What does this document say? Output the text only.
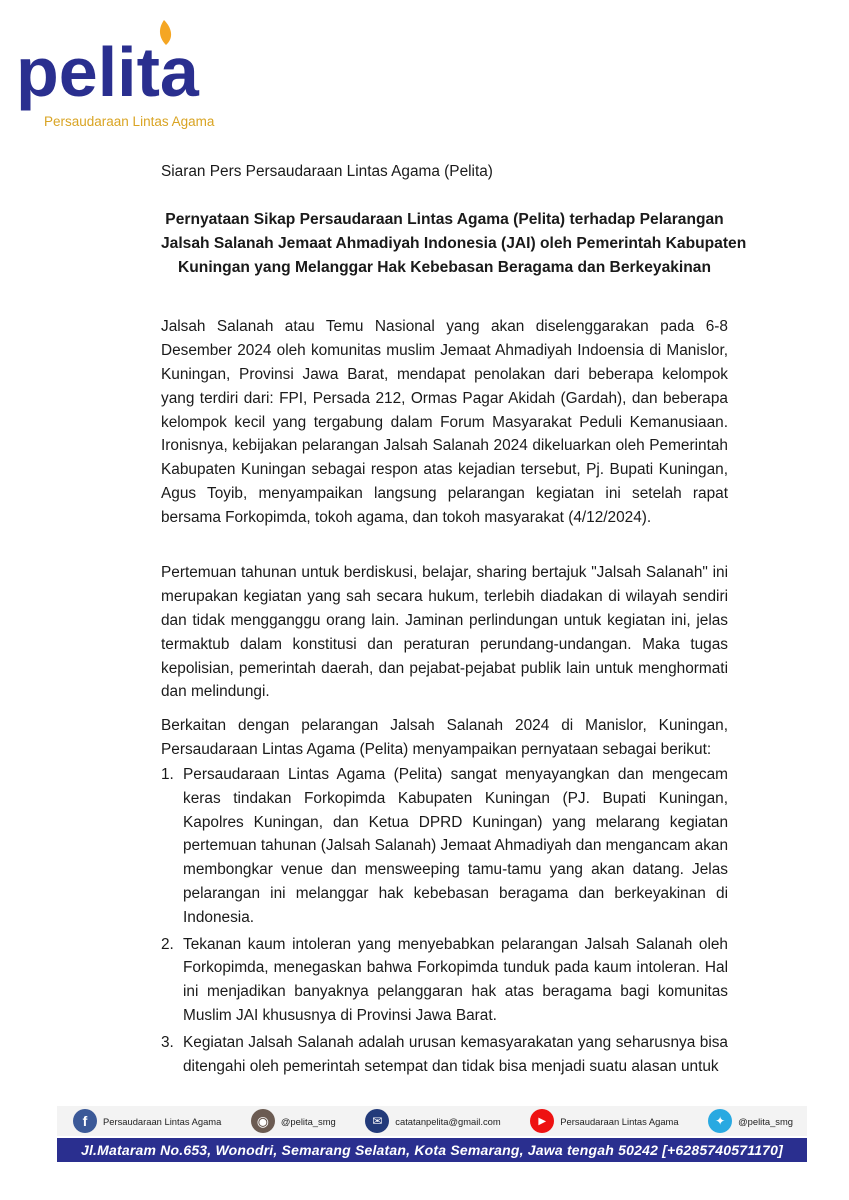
pelita
Persaudaraan Lintas Agama
Siaran Pers Persaudaraan Lintas Agama (Pelita)
Pernyataan Sikap Persaudaraan Lintas Agama (Pelita) terhadap Pelarangan
Jalsah Salanah Jemaat Ahmadiyah Indonesia (JAI) oleh Pemerintah Kabupaten
Kuningan yang Melanggar Hak Kebebasan Beragama dan Berkeyakinan

Jalsah Salanah atau Temu Nasional yang akan diselenggarakan pada 6-8 Desember 2024 oleh komunitas muslim Jemaat Ahmadiyah Indoensia di Manislor, Kuningan, Provinsi Jawa Barat, mendapat penolakan dari beberapa kelompok yang terdiri dari: FPI, Persada 212, Ormas Pagar Akidah (Gardah), dan beberapa kelompok kecil yang tergabung dalam Forum Masyarakat Peduli Kemanusiaan. Ironisnya, kebijakan pelarangan Jalsah Salanah 2024 dikeluarkan oleh Pemerintah Kabupaten Kuningan sebagai respon atas kejadian tersebut, Pj. Bupati Kuningan, Agus Toyib, menyampaikan langsung pelarangan kegiatan ini setelah rapat bersama Forkopimda, tokoh agama, dan tokoh masyarakat (4/12/2024).

Pertemuan tahunan untuk berdiskusi, belajar, sharing bertajuk "Jalsah Salanah" ini merupakan kegiatan yang sah secara hukum, terlebih diadakan di wilayah sendiri dan tidak mengganggu orang lain. Jaminan perlindungan untuk kegiatan ini, jelas termaktub dalam konstitusi dan peraturan perundang-undangan. Maka tugas kepolisian, pemerintah daerah, dan pejabat-pejabat publik lain untuk menghormati dan melindungi.

Berkaitan dengan pelarangan Jalsah Salanah 2024 di Manislor, Kuningan, Persaudaraan Lintas Agama (Pelita) menyampaikan pernyataan sebagai berikut:

1. Persaudaraan Lintas Agama (Pelita) sangat menyayangkan dan mengecam keras tindakan Forkopimda Kabupaten Kuningan (PJ. Bupati Kuningan, Kapolres Kuningan, dan Ketua DPRD Kuningan) yang melarang kegiatan pertemuan tahunan (Jalsah Salanah) Jemaat Ahmadiyah dan mengancam akan membongkar venue dan mensweeping tamu-tamu yang akan datang. Jelas pelarangan ini melanggar hak kebebasan beragama dan berkeyakinan di Indonesia.
2. Tekanan kaum intoleran yang menyebabkan pelarangan Jalsah Salanah oleh Forkopimda, menegaskan bahwa Forkopimda tunduk pada kaum intoleran. Hal ini menjadikan banyaknya pelanggaran hak atas beragama bagi komunitas Muslim JAI khususnya di Provinsi Jawa Barat.
3. Kegiatan Jalsah Salanah adalah urusan kemasyarakatan yang seharusnya bisa ditengahi oleh pemerintah setempat dan tidak bisa menjadi suatu alasan untuk
f	Persaudaraan Lintas Agama	◉	@pelita_smg	✉	catatanpelita@gmail.com	▶	Persaudaraan Lintas Agama	✦	@pelita_smg
Jl.Mataram No.653, Wonodri, Semarang Selatan, Kota Semarang, Jawa tengah 50242 [+6285740571170]
